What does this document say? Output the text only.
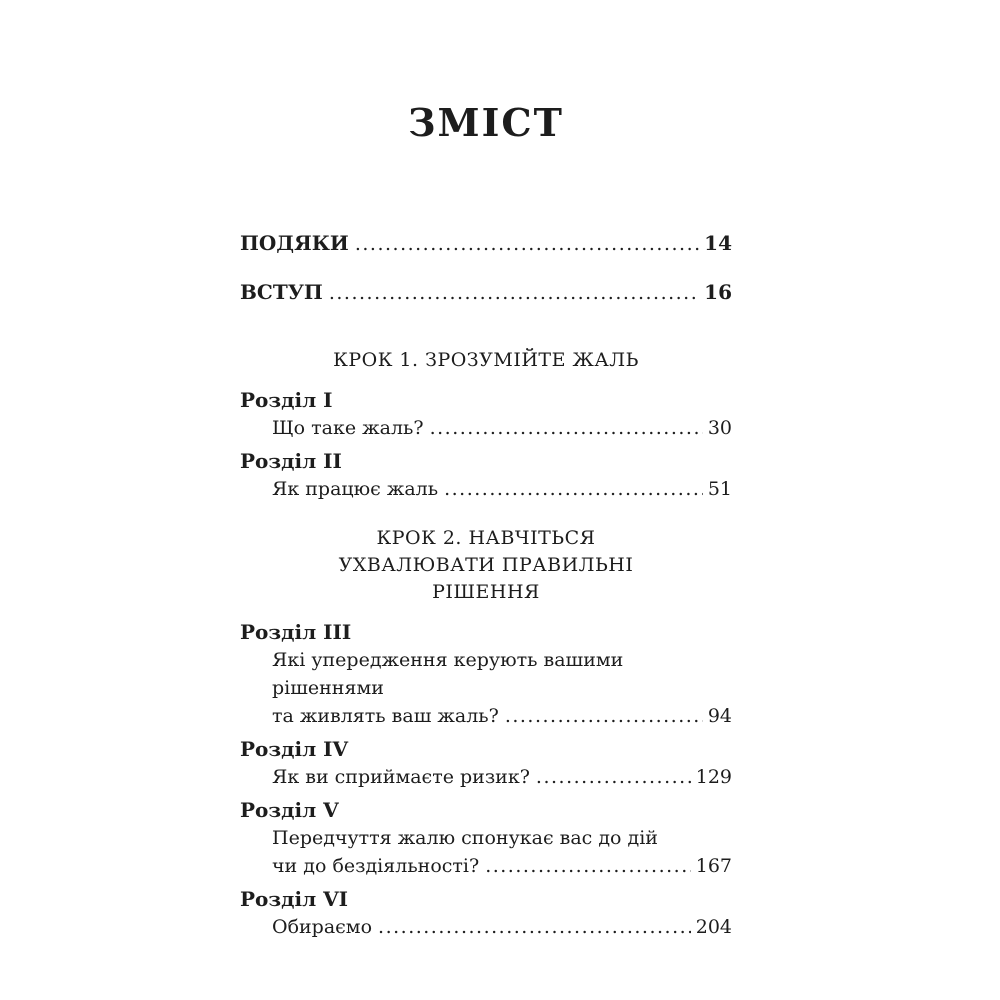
ЗМІСТ
ПОДЯКИ .....	14
ВСТУП .....	16
КРОК 1. ЗРОЗУМІЙТЕ ЖАЛЬ
Розділ I
Що таке жаль? .....	30
Розділ II
Як працює жаль .....	51
КРОК 2. НАВЧІТЬСЯ УХВАЛЮВАТИ ПРАВИЛЬНІ РІШЕННЯ
Розділ III
Які упередження керують вашими рішеннями
та живлять ваш жаль? .....	94
Розділ IV
Як ви сприймаєте ризик? .....	129
Розділ V
Передчуття жалю спонукає вас до дій
чи до бездіяльності? .....	167
Розділ VI
Обираємо .....	204
